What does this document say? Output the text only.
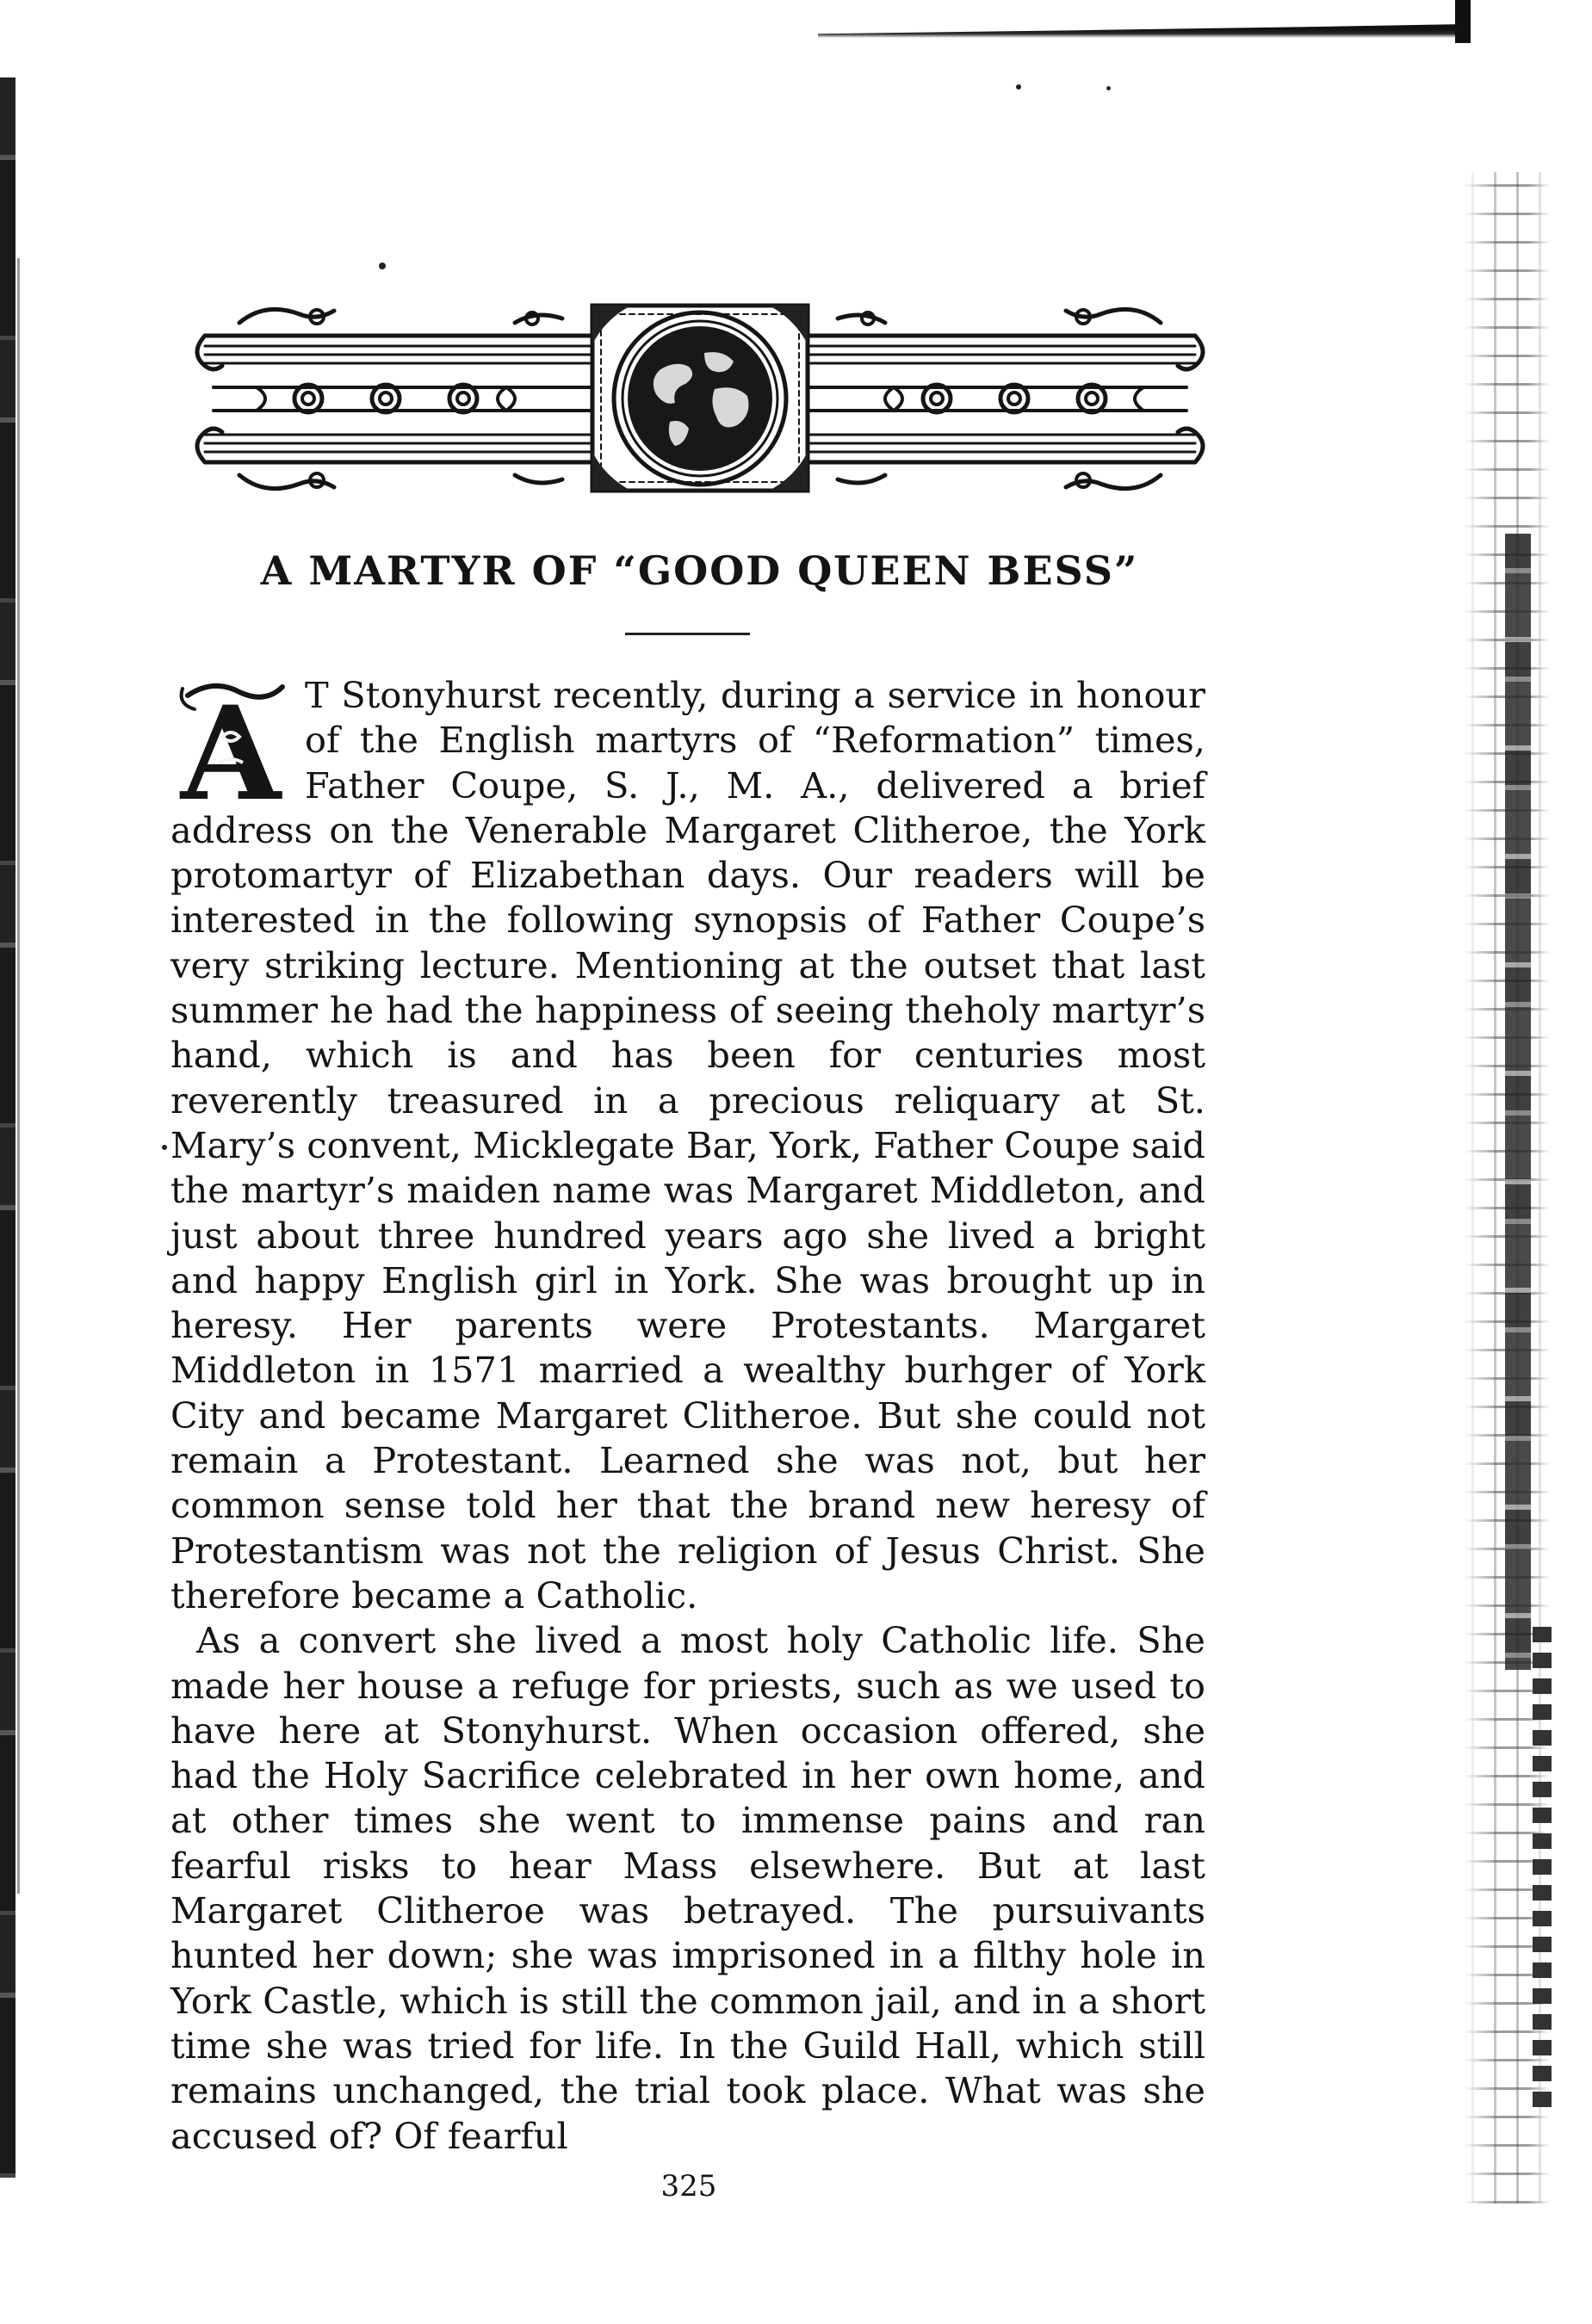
A MARTYR OF “GOOD QUEEN BESS”

A T Stonyhurst recently, during a service in honour of the English martyrs of “Reformation” times, Father Coupe, S. J., M. A., delivered a brief address on the Venerable Margaret Clitheroe, the York protomartyr of Elizabethan days. Our readers will be interested in the following synopsis of Father Coupe’s very striking lecture. Mentioning at the outset that last summer he had the happiness of seeing theholy martyr’s hand, which is and has been for centuries most reverently treasured in a precious reliquary at St. Mary’s convent, Micklegate Bar, York, Father Coupe said the martyr’s maiden name was Margaret Middleton, and just about three hundred years ago she lived a bright and happy English girl in York. She was brought up in heresy. Her parents were Protestants. Margaret Middleton in 1571 married a wealthy burhger of York City and became Margaret Clitheroe. But she could not remain a Protestant. Learned she was not, but her common sense told her that the brand new heresy of Protestantism was not the religion of Jesus Christ. She therefore became a Catholic.

As a convert she lived a most holy Catholic life. She made her house a refuge for priests, such as we used to have here at Stonyhurst. When occasion offered, she had the Holy Sacrifice celebrated in her own home, and at other times she went to immense pains and ran fearful risks to hear Mass elsewhere. But at last Margaret Clitheroe was betrayed. The pursuivants hunted her down; she was imprisoned in a filthy hole in York Castle, which is still the common jail, and in a short time she was tried for life. In the Guild Hall, which still remains unchanged, the trial took place. What was she accused of? Of fearful

325
